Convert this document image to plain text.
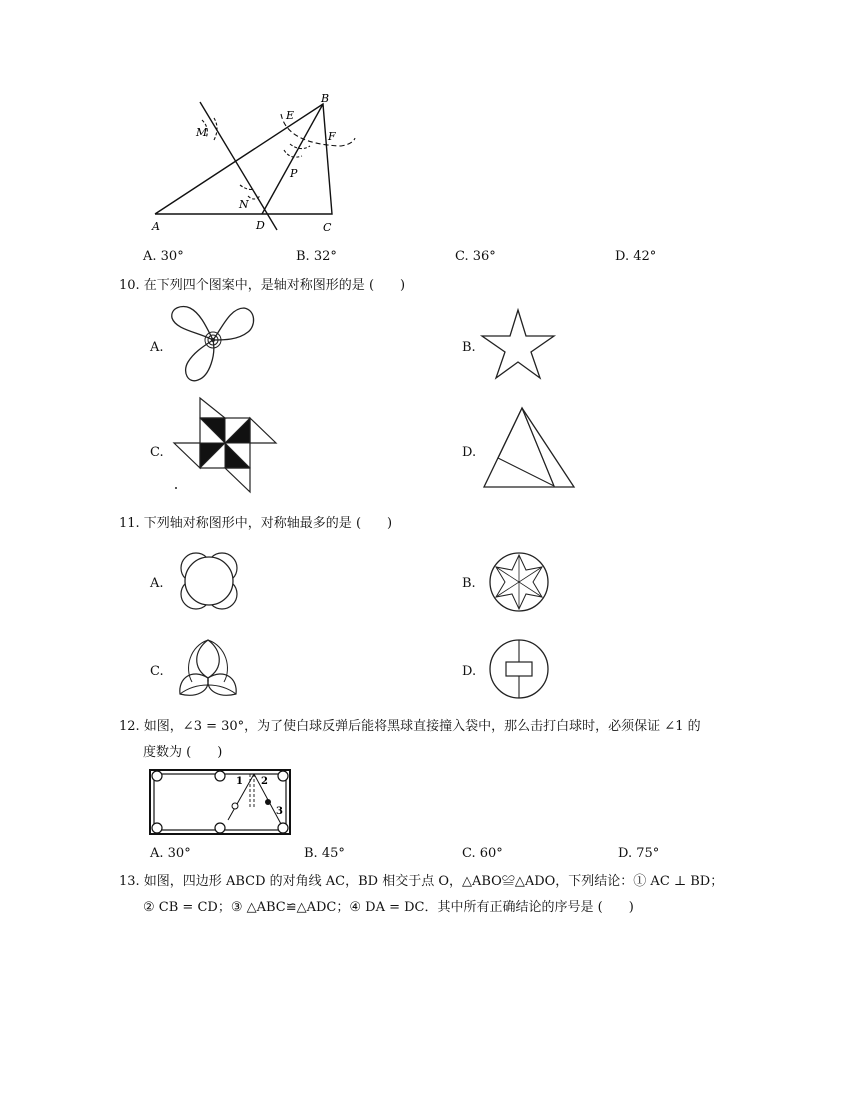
A	D	C
B
E
F
M
N
P
A. 30°	B. 32°	C. 36°	D. 42°
10. 在下列四个图案中，是轴对称图形的是 (　　)
A.	B.
C.	D.
11. 下列轴对称图形中，对称轴最多的是 (　　)
A.	B.
C.	D.
12. 如图，∠3 = 30°，为了使白球反弹后能将黑球直接撞入袋中，那么击打白球时，必须保证 ∠1 的
度数为 (　　)
1 2
3
A. 30°	B. 45°	C. 60°	D. 75°
13. 如图，四边形 ABCD 的对角线 AC，BD 相交于点 O，△ABO≌△ADO，下列结论：① AC ⊥ BD；
② CB = CD；③ △ABC≌△ADC；④ DA = DC．其中所有正确结论的序号是 (　　)
